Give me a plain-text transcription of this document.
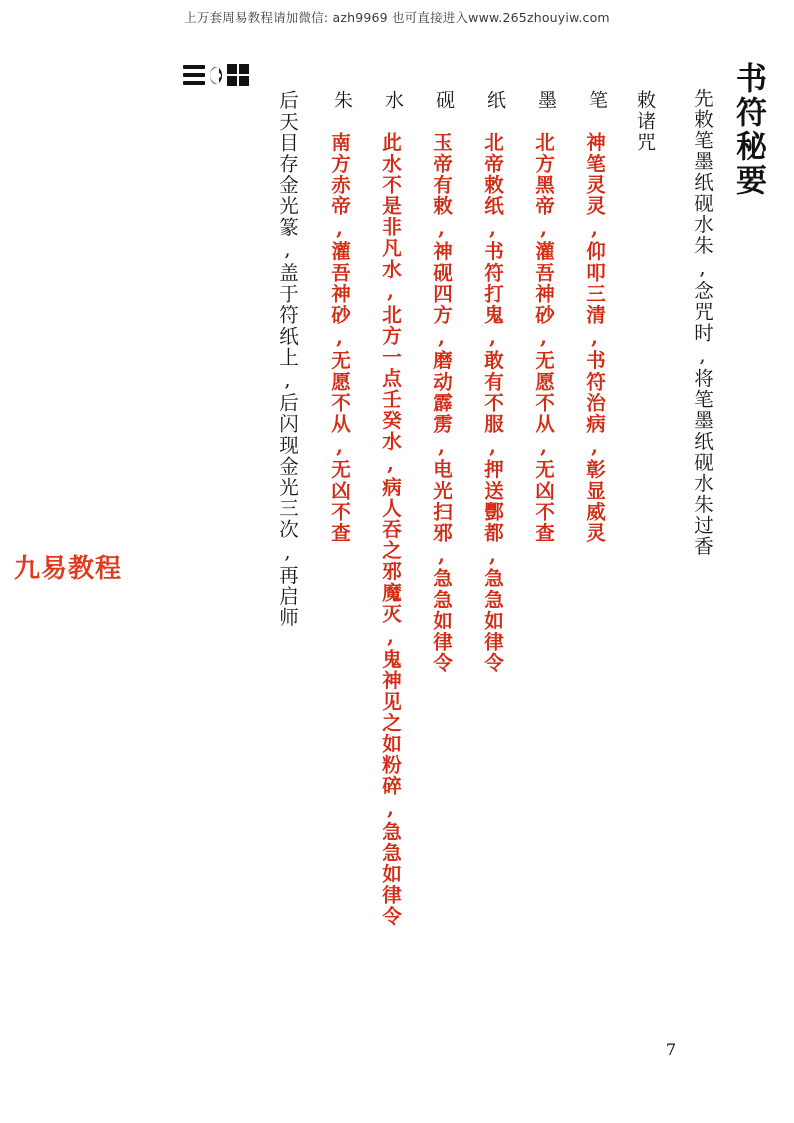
上万套周易教程请加微信: azh9969 也可直接进入www.265zhouyiw.com
书符秘要
先敕笔墨纸砚水朱,念咒时,将笔墨纸砚水朱过香
敕诸咒
笔
神笔灵灵,仰叩三清,书符治病,彰显威灵
墨
北方黑帝,灌吾神砂,无愿不从,无凶不查
纸
北帝敕纸,书符打鬼,敢有不服,押送酆都,急急如律令
砚
玉帝有敕,神砚四方,磨动霹雳,电光扫邪,急急如律令
水
此水不是非凡水,北方一点壬癸水,病人吞之邪魔灭,鬼神见之如粉碎,急急如律令
朱
南方赤帝,灌吾神砂,无愿不从,无凶不查
后天目存金光篆,盖于符纸上,后闪现金光三次,再启师
九易教程
7
